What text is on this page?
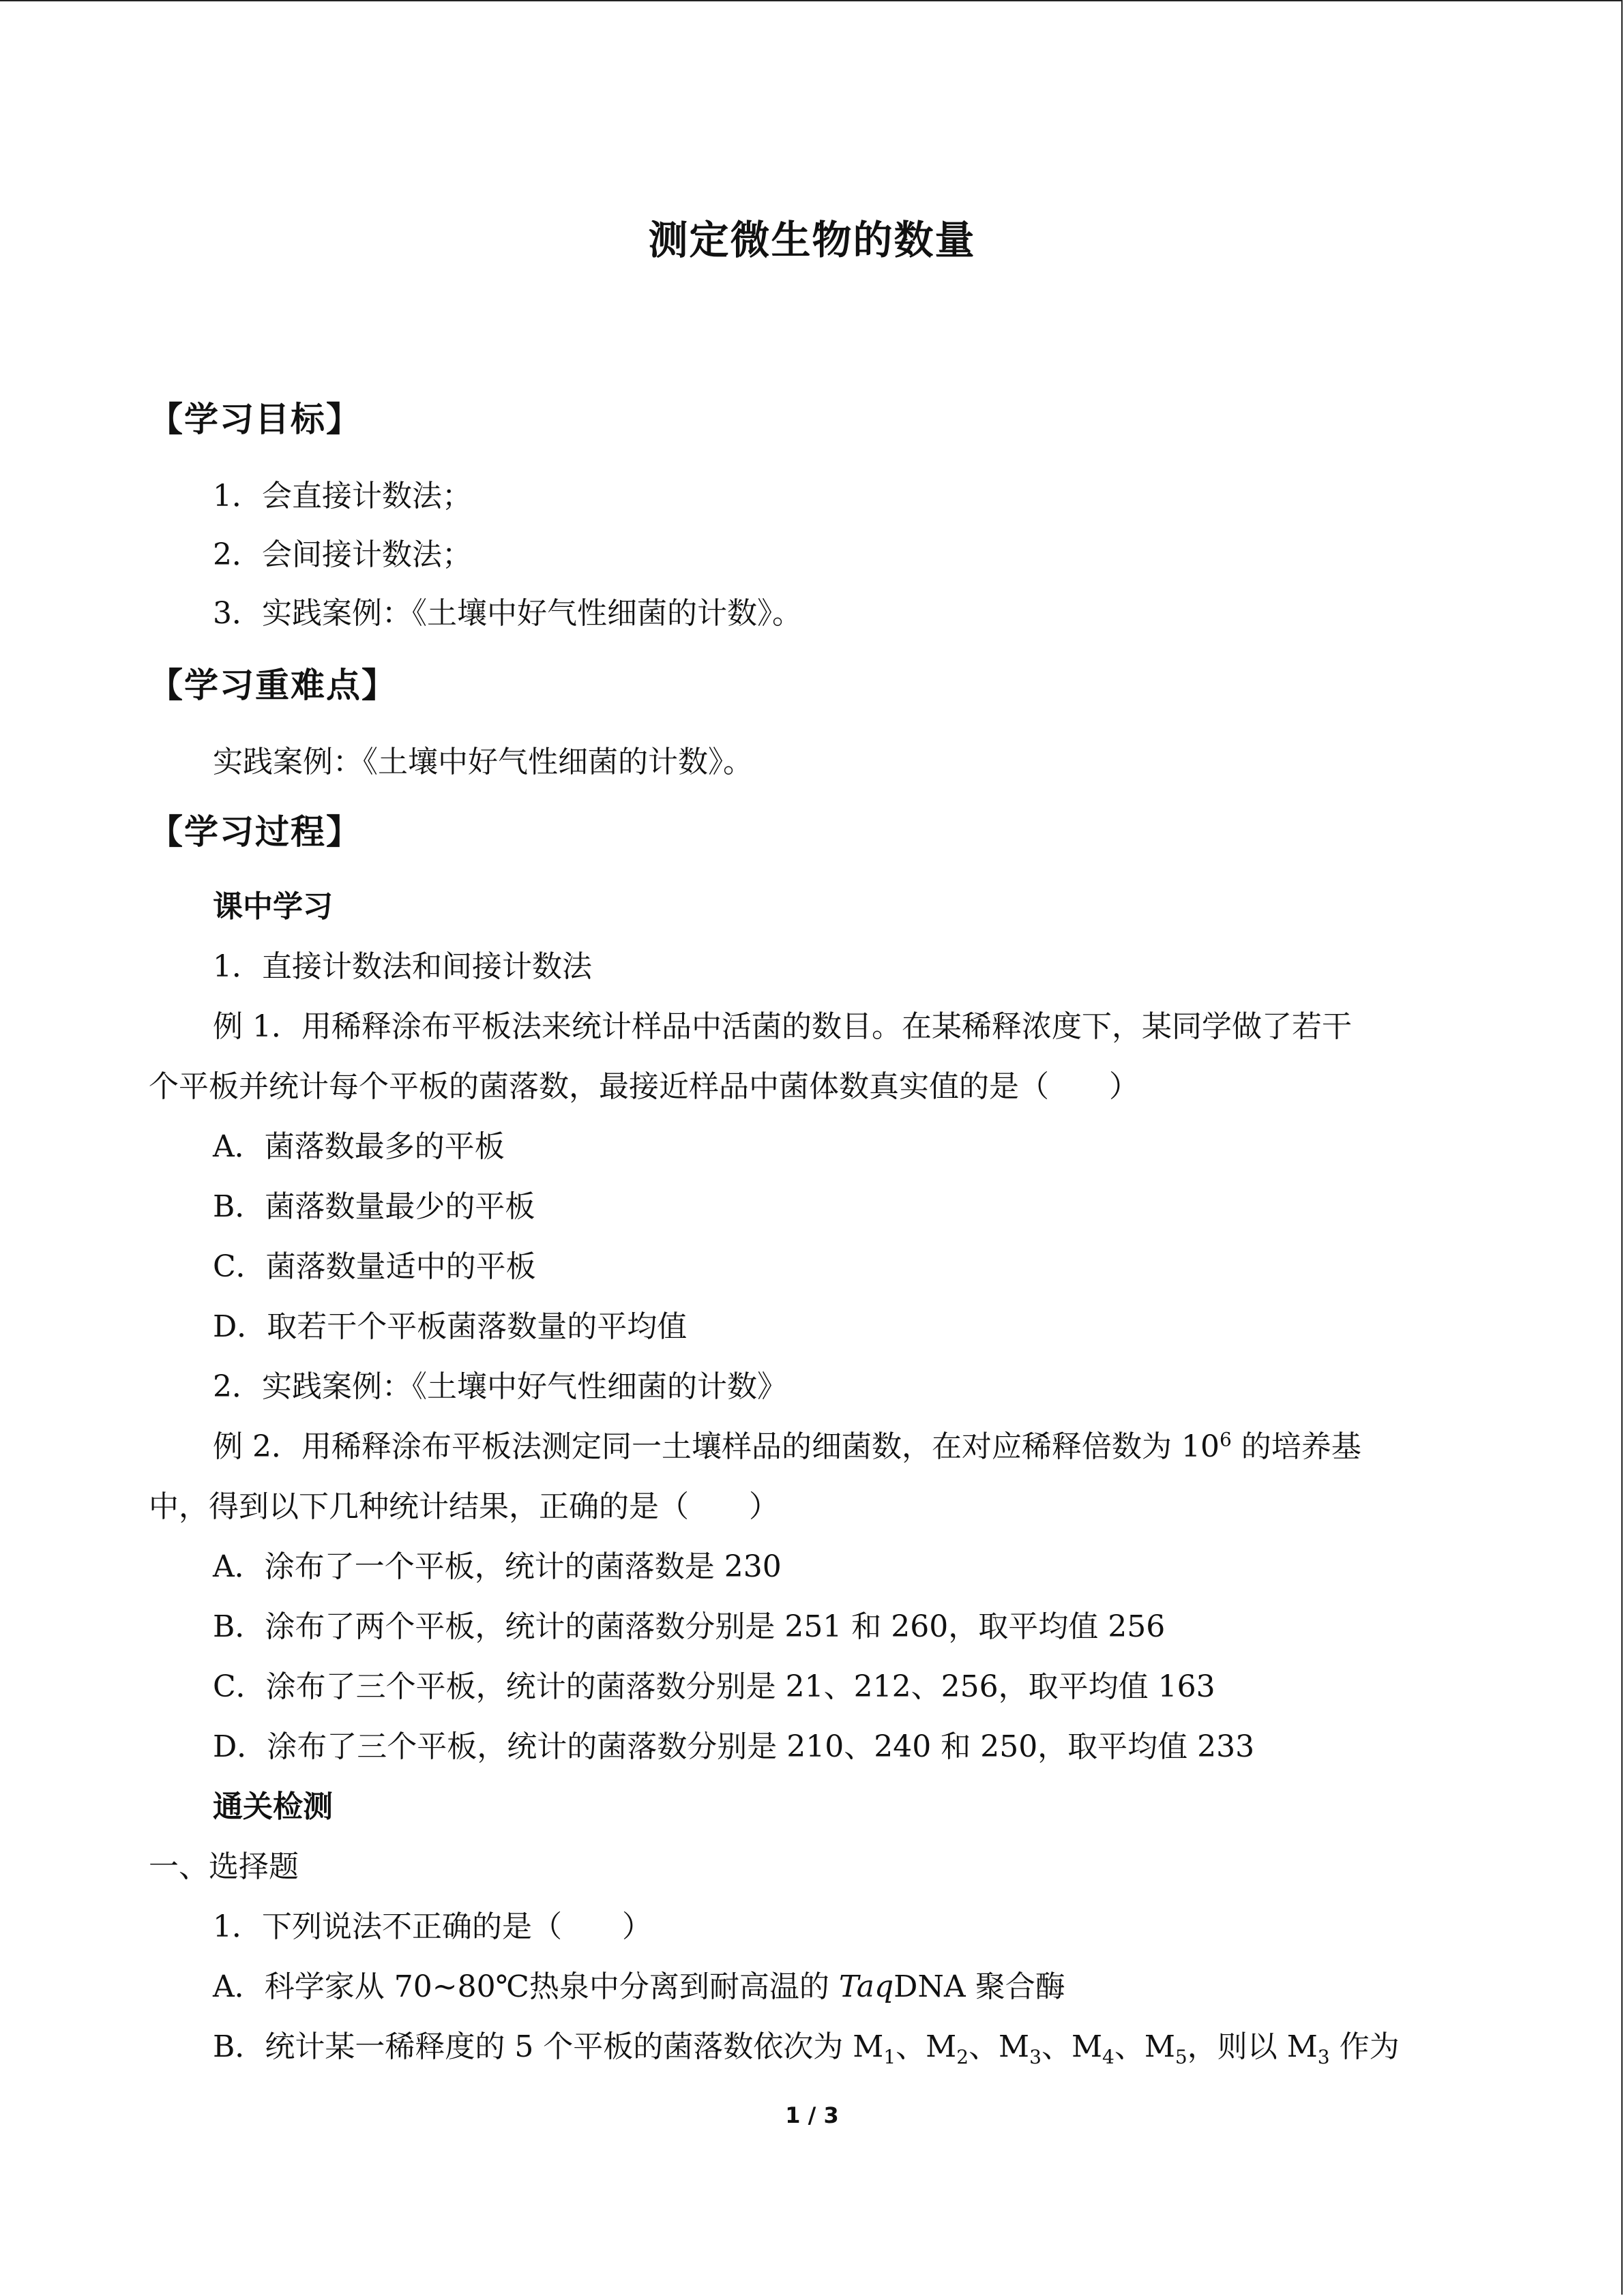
测定微生物的数量
【学习目标】
1．会直接计数法；
2．会间接计数法；
3．实践案例：《土壤中好气性细菌的计数》。
【学习重难点】
实践案例：《土壤中好气性细菌的计数》。
【学习过程】
课中学习
1．直接计数法和间接计数法
例 1．用稀释涂布平板法来统计样品中活菌的数目。在某稀释浓度下，某同学做了若干
个平板并统计每个平板的菌落数，最接近样品中菌体数真实值的是（　　）
A．菌落数最多的平板
B．菌落数量最少的平板
C．菌落数量适中的平板
D．取若干个平板菌落数量的平均值
2．实践案例：《土壤中好气性细菌的计数》
例 2．用稀释涂布平板法测定同一土壤样品的细菌数，在对应稀释倍数为 $10^6$ 的培养基
中，得到以下几种统计结果，正确的是（　　）
A．涂布了一个平板，统计的菌落数是 230
B．涂布了两个平板，统计的菌落数分别是 251 和 260，取平均值 256
C．涂布了三个平板，统计的菌落数分别是 21、212、256，取平均值 163
D．涂布了三个平板，统计的菌落数分别是 210、240 和 250，取平均值 233
通关检测
一、选择题
1．下列说法不正确的是（　　）
A．科学家从 70~80℃热泉中分离到耐高温的 TaqDNA 聚合酶
B．统计某一稀释度的 5 个平板的菌落数依次为 $M_1$、$M_2$、$M_3$、$M_4$、$M_5$，则以 $M_3$ 作为
1 / 3
